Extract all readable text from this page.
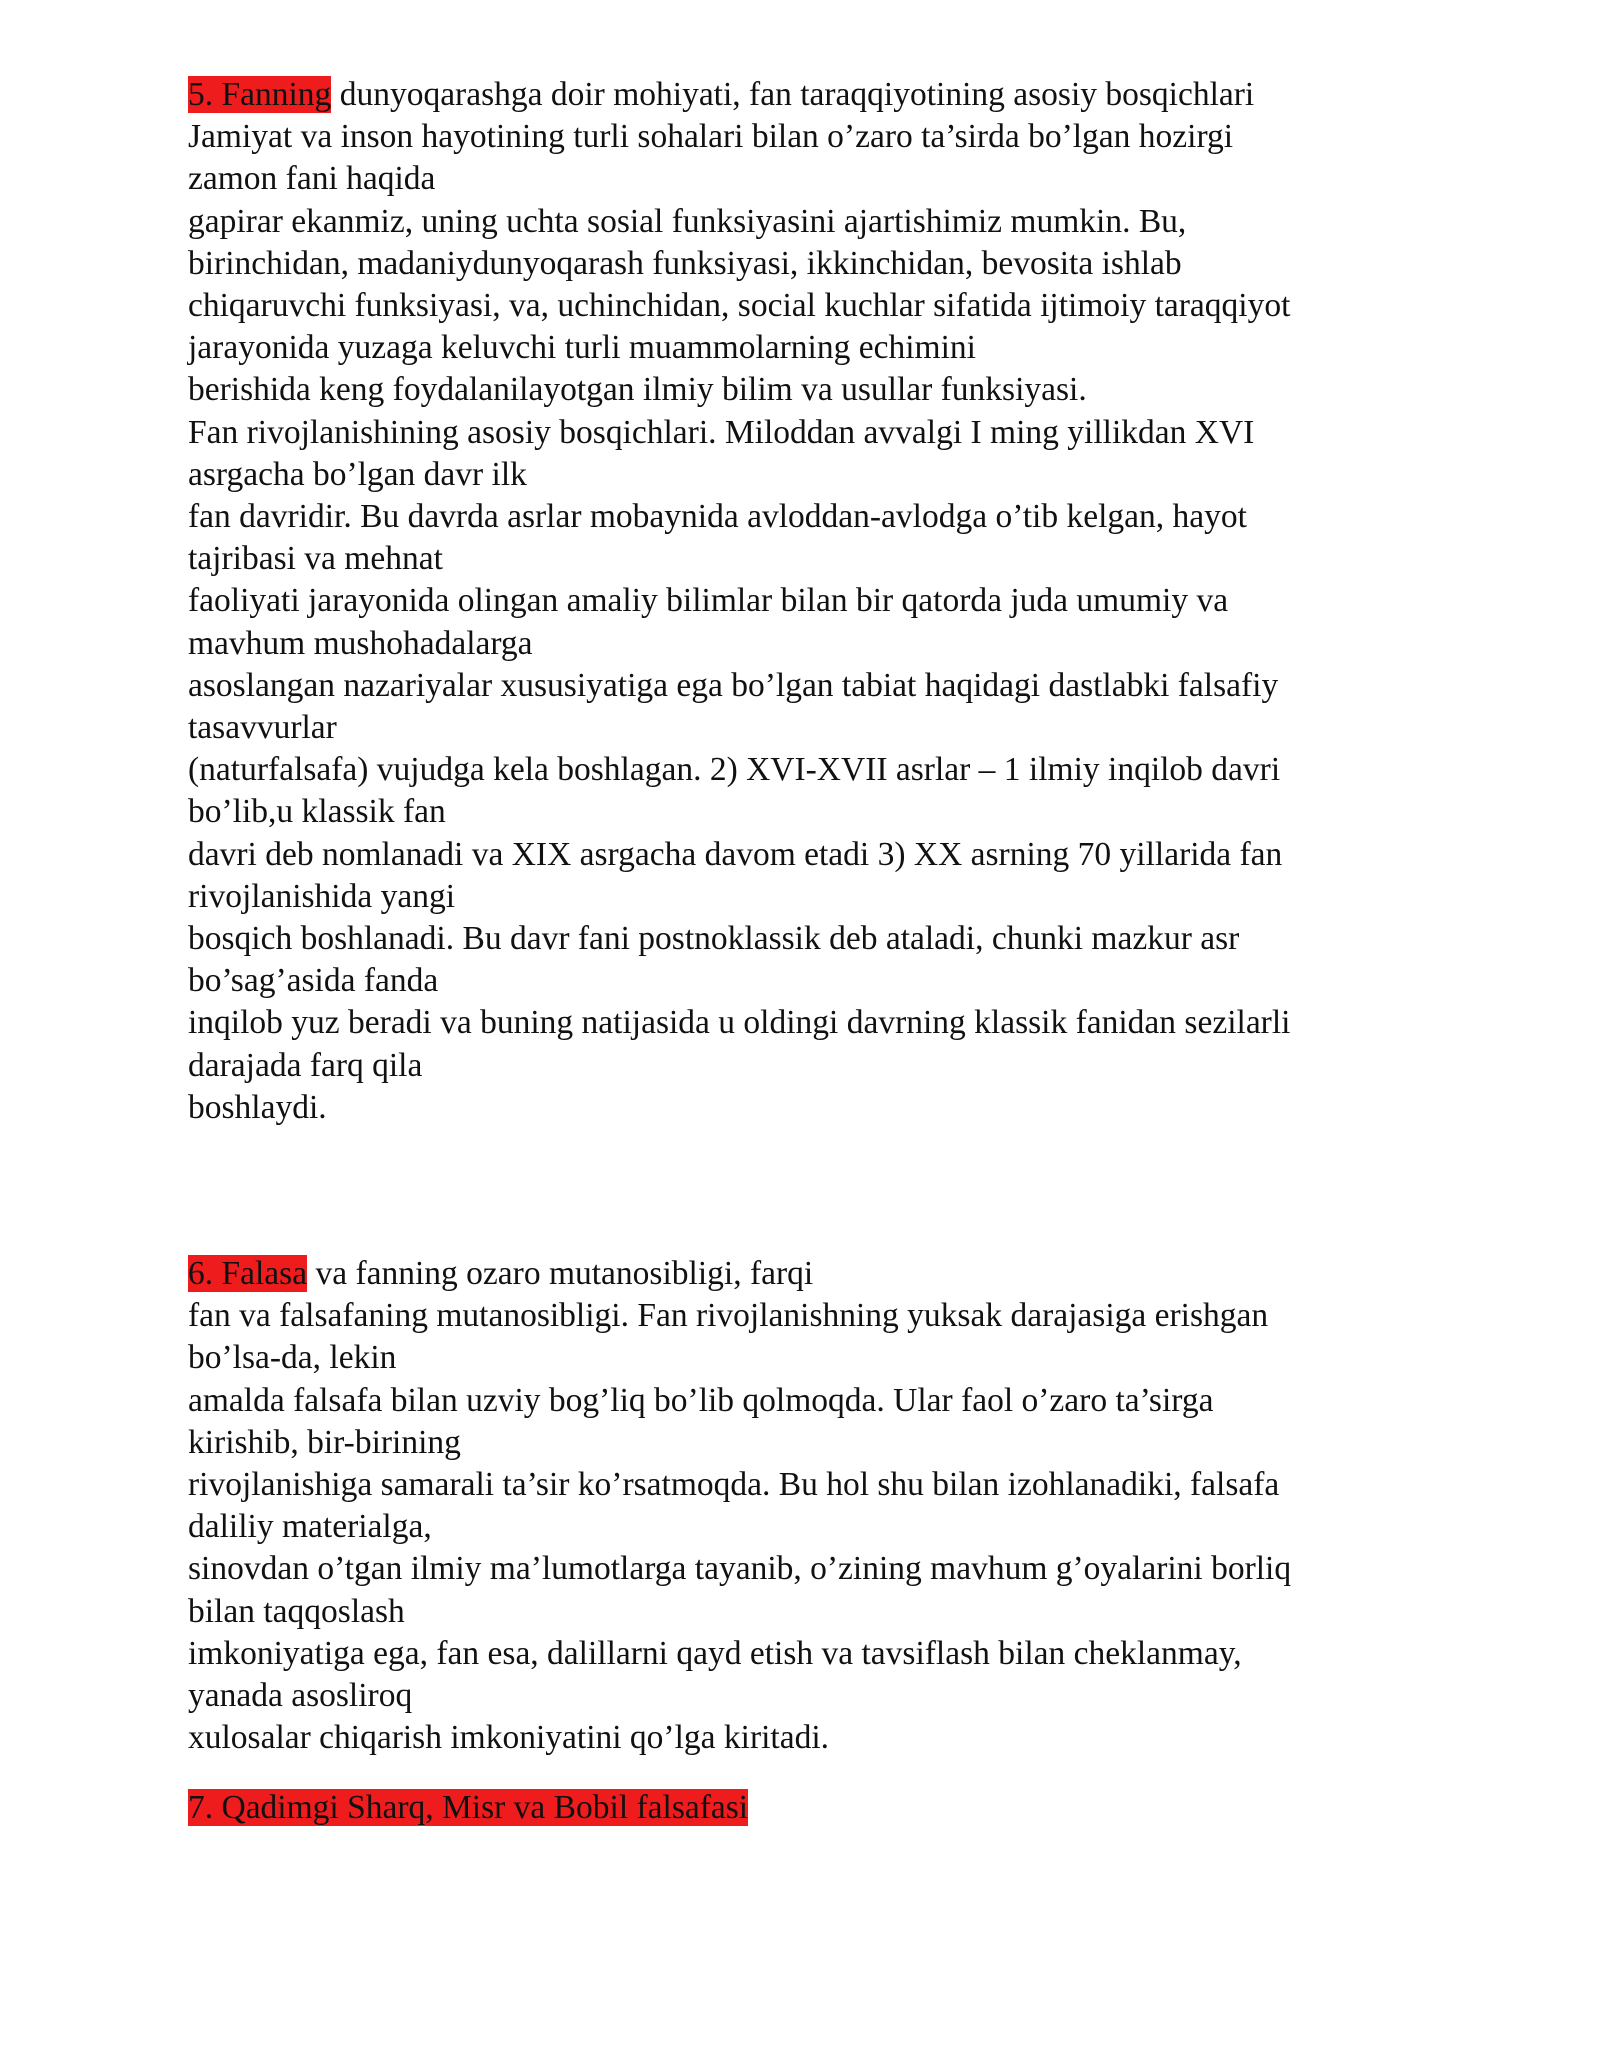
5. Fanning dunyoqarashga doir mohiyati, fan taraqqiyotining asosiy bosqichlari
Jamiyat va inson hayotining turli sohalari bilan o’zaro ta’sirda bo’lgan hozirgi
zamon fani haqida
gapirar ekanmiz, uning uchta sosial funksiyasini ajartishimiz mumkin. Bu,
birinchidan, madaniydunyoqarash funksiyasi, ikkinchidan, bevosita ishlab
chiqaruvchi funksiyasi, va, uchinchidan, social kuchlar sifatida ijtimoiy taraqqiyot
jarayonida yuzaga keluvchi turli muammolarning echimini
berishida keng foydalanilayotgan ilmiy bilim va usullar funksiyasi.
Fan rivojlanishining asosiy bosqichlari. Miloddan avvalgi I ming yillikdan XVI
asrgacha bo’lgan davr ilk
fan davridir. Bu davrda asrlar mobaynida avloddan-avlodga o’tib kelgan, hayot
tajribasi va mehnat
faoliyati jarayonida olingan amaliy bilimlar bilan bir qatorda juda umumiy va
mavhum mushohadalarga
asoslangan nazariyalar xususiyatiga ega bo’lgan tabiat haqidagi dastlabki falsafiy
tasavvurlar
(naturfalsafa) vujudga kela boshlagan. 2) XVI-XVII asrlar – 1 ilmiy inqilob davri
bo’lib,u klassik fan
davri deb nomlanadi va XIX asrgacha davom etadi 3) XX asrning 70 yillarida fan
rivojlanishida yangi
bosqich boshlanadi. Bu davr fani postnoklassik deb ataladi, chunki mazkur asr
bo’sag’asida fanda
inqilob yuz beradi va buning natijasida u oldingi davrning klassik fanidan sezilarli
darajada farq qila
boshlaydi.
6. Falasa va fanning ozaro mutanosibligi, farqi
fan va falsafaning mutanosibligi. Fan rivojlanishning yuksak darajasiga erishgan
bo’lsa-da, lekin
amalda falsafa bilan uzviy bog’liq bo’lib qolmoqda. Ular faol o’zaro ta’sirga
kirishib, bir-birining
rivojlanishiga samarali ta’sir ko’rsatmoqda. Bu hol shu bilan izohlanadiki, falsafa
daliliy materialga,
sinovdan o’tgan ilmiy ma’lumotlarga tayanib, o’zining mavhum g’oyalarini borliq
bilan taqqoslash
imkoniyatiga ega, fan esa, dalillarni qayd etish va tavsiflash bilan cheklanmay,
yanada asosliroq
xulosalar chiqarish imkoniyatini qo’lga kiritadi.
7. Qadimgi Sharq, Misr va Bobil falsafasi
